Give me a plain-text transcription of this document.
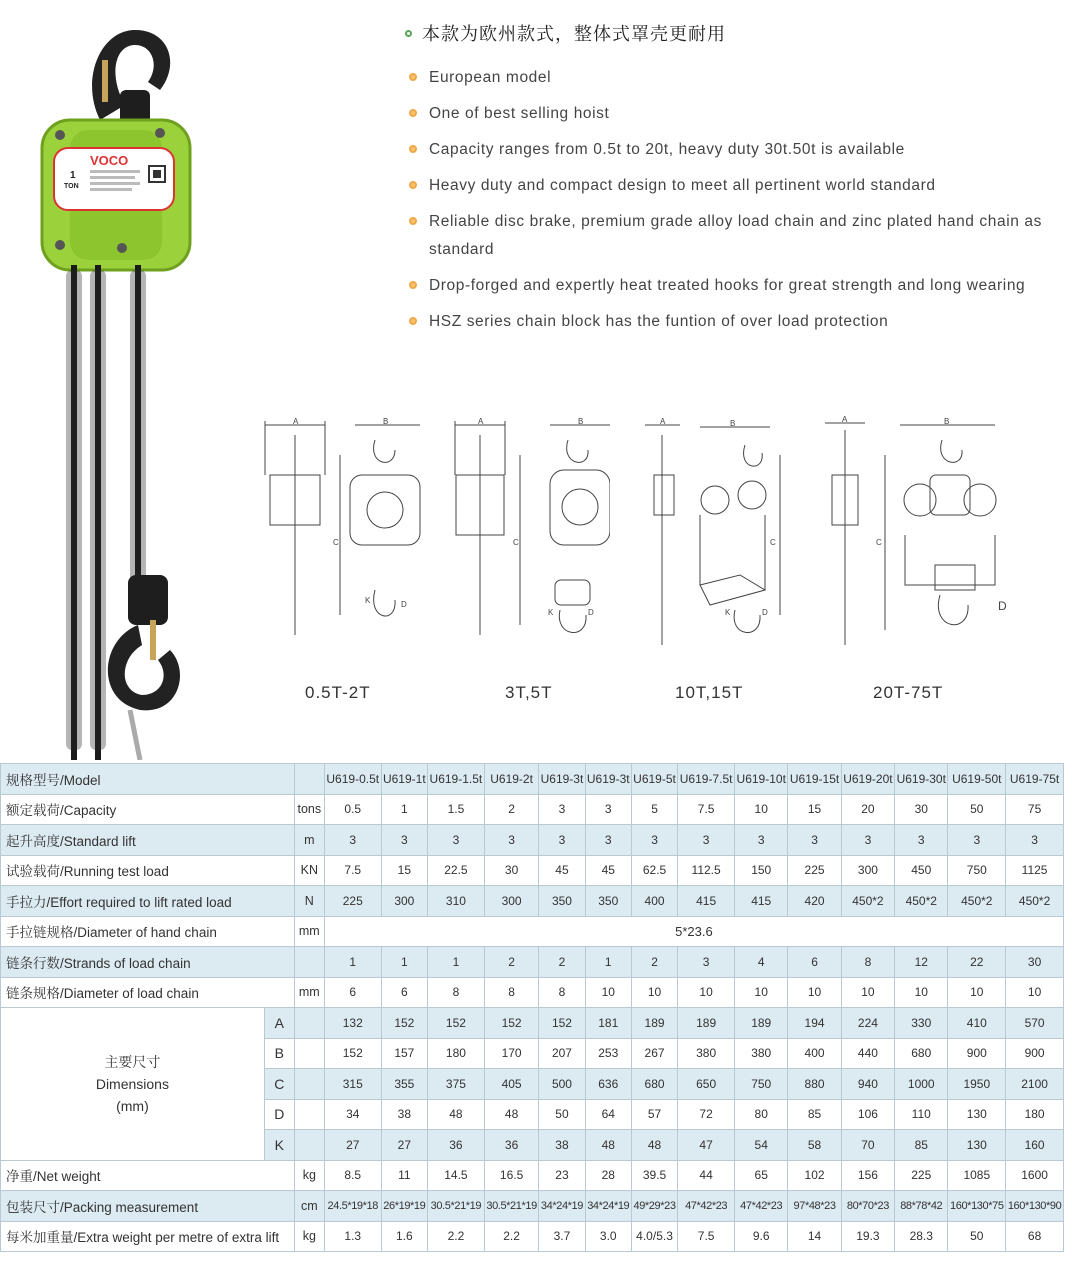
VOCO
1
TON
本款为欧州款式，整体式罩壳更耐用
European model
One of best selling hoist
Capacity ranges from 0.5t to 20t, heavy duty 30t.50t is available
Heavy duty and compact design to meet all pertinent world standard
Reliable disc brake, premium grade alloy load chain and zinc plated hand chain as standard
Drop-forged and expertly heat treated hooks for great strength and long wearing
HSZ series chain block has the funtion of over load protection
A	B
C
D
K
A	B
C
D
K
A	B
C
D
K
A	B
C
D
0.5T-2T	3T,5T	10T,15T	20T-75T
规格型号/Model			U619-0.5t	U619-1t	U619-1.5t	U619-2t	U619-3t	U619-3t	U619-5t	U619-7.5t	U619-10t	U619-15t	U619-20t	U619-30t	U619-50t	U619-75t
额定载荷/Capacity		tons	0.5	1	1.5	2	3	3	5	7.5	10	15	20	30	50	75
起升高度/Standard lift		m	3	3	3	3	3	3	3	3	3	3	3	3	3	3
试验载荷/Running test load		KN	7.5	15	22.5	30	45	45	62.5	112.5	150	225	300	450	750	1125
手拉力/Effort required to lift rated load		N	225	300	310	300	350	350	400	415	415	420	450*2	450*2	450*2	450*2
手拉链规格/Diameter of hand chain		mm	5*23.6													
链条行数/Strands of load chain			1	1	1	2	2	1	2	3	4	6	8	12	22	30
链条规格/Diameter of load chain		mm	6	6	8	8	8	10	10	10	10	10	10	10	10	10

主要尺寸
Dimensions
(mm)	A		132	152	152	152	152	181	189	189	189	194	224	330	410	570
	B		152	157	180	170	207	253	267	380	380	400	440	680	900	900
	C		315	355	375	405	500	636	680	650	750	880	940	1000	1950	2100
	D		34	38	48	48	50	64	57	72	80	85	106	110	130	180
	K		27	27	36	36	38	48	48	47	54	58	70	85	130	160
净重/Net weight		kg	8.5	11	14.5	16.5	23	28	39.5	44	65	102	156	225	1085	1600
包装尺寸/Packing measurement		cm	24.5*19*18	26*19*19	30.5*21*19	30.5*21*19	34*24*19	34*24*19	49*29*23	47*42*23	47*42*23	97*48*23	80*70*23	88*78*42	160*130*75	160*130*90
每米加重量/Extra weight per metre of extra lift		kg	1.3	1.6	2.2	2.2	3.7	3.0	4.0/5.3	7.5	9.6	14	19.3	28.3	50	68
